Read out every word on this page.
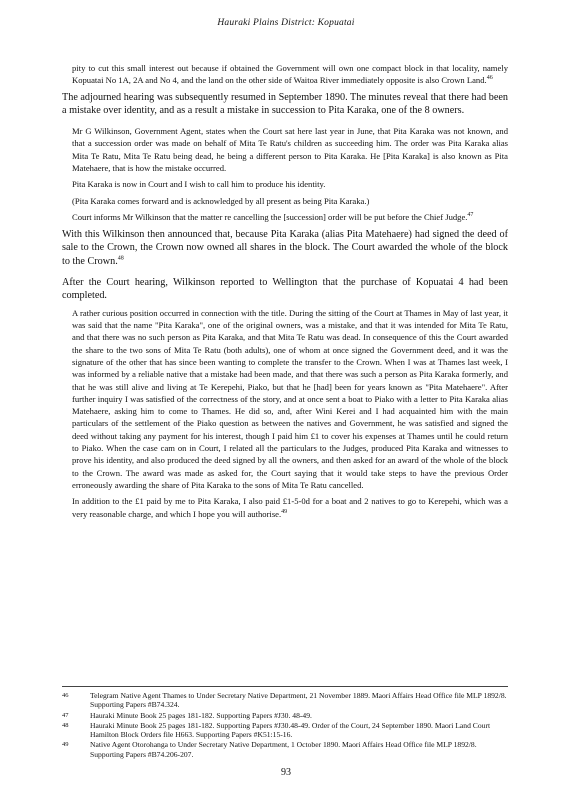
Hauraki Plains District: Kopuatai

pity to cut this small interest out because if obtained the Government will own one compact block in that locality, namely Kopuatai No 1A, 2A and No 4, and the land on the other side of Waitoa River immediately opposite is also Crown Land.$^{46}$

The adjourned hearing was subsequently resumed in September 1890. The minutes reveal that there had been a mistake over identity, and as a result a mistake in succession to Pita Karaka, one of the 8 owners.

Mr G Wilkinson, Government Agent, states when the Court sat here last year in June, that Pita Karaka was not known, and that a succession order was made on behalf of Mita Te Ratu's children as succeeding him. The order was Pita Karaka alias Mita Te Ratu, Mita Te Ratu being dead, he being a different person to Pita Karaka. He [Pita Karaka] is also known as Pita Matehaere, that is how the mistake occurred.

Pita Karaka is now in Court and I wish to call him to produce his identity.

(Pita Karaka comes forward and is acknowledged by all present as being Pita Karaka.)

Court informs Mr Wilkinson that the matter re cancelling the [succession] order will be put before the Chief Judge.$^{47}$

With this Wilkinson then announced that, because Pita Karaka (alias Pita Matehaere) had signed the deed of sale to the Crown, the Crown now owned all shares in the block. The Court awarded the whole of the block to the Crown.$^{48}$

After the Court hearing, Wilkinson reported to Wellington that the purchase of Kopuatai 4 had been completed.

A rather curious position occurred in connection with the title. During the sitting of the Court at Thames in May of last year, it was said that the name "Pita Karaka", one of the original owners, was a mistake, and that it was intended for Mita Te Ratu, and that there was no such person as Pita Karaka, and that Mita Te Ratu was dead. In consequence of this the Court awarded the share to the two sons of Mita Te Ratu (both adults), one of whom at once signed the Government deed, and it was the signature of the other that has since been wanting to complete the transfer to the Crown. When I was at Thames last week, I was informed by a reliable native that a mistake had been made, and that there was such a person as Pita Karaka formerly, and that he was still alive and living at Te Kerepehi, Piako, but that he [had] been for years known as "Pita Matehaere". After further inquiry I was satisfied of the correctness of the story, and at once sent a boat to Piako with a letter to Pita Karaka alias Matehaere, asking him to come to Thames. He did so, and, after Wini Kerei and I had acquainted him with the main particulars of the settlement of the Piako question as between the natives and Government, he was satisfied and signed the deed without taking any payment for his interest, though I paid him £1 to cover his expenses at Thames until he could return to Piako. When the case cam on in Court, I related all the particulars to the Judges, produced Pita Karaka and witnesses to prove his identity, and also produced the deed signed by all the owners, and then asked for an award of the whole of the block to the Crown. The award was made as asked for, the Court saying that it would take steps to have the previous Order erroneously awarding the share of Pita Karaka to the sons of Mita Te Ratu cancelled.

In addition to the £1 paid by me to Pita Karaka, I also paid £1-5-0d for a boat and 2 natives to go to Kerepehi, which was a very reasonable charge, and which I hope you will authorise.$^{49}$

46	Telegram Native Agent Thames to Under Secretary Native Department, 21 November 1889. Maori Affairs Head Office file MLP 1892/8. Supporting Papers #B74.324.
47	Hauraki Minute Book 25 pages 181-182. Supporting Papers #J30. 48-49.
48	Hauraki Minute Book 25 pages 181-182. Supporting Papers #J30.48-49. Order of the Court, 24 September 1890. Maori Land Court Hamilton Block Orders file H663. Supporting Papers #K51:15-16.
49	Native Agent Otorohanga to Under Secretary Native Department, 1 October 1890. Maori Affairs Head Office file MLP 1892/8. Supporting Papers #B74.206-207.
93
